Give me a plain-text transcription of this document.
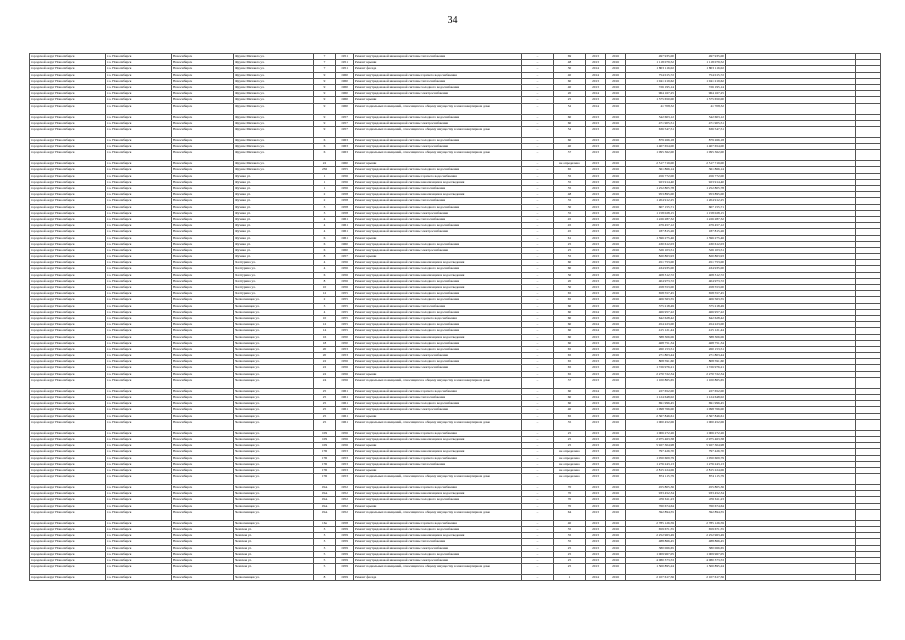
34
городской округ Новосибирск	г.о. Новосибирск	Новосибирск	Фрунзе Михаила ул.	7	1951	Ремонт внутридомовой инженерной системы теплоснабжения	–	69	2013	2016	497 935,00	497 935,00		
городской округ Новосибирск	г.о. Новосибирск	Новосибирск	Фрунзе Михаила ул.	7	1951	Ремонт крыши	–	48	2013	2016	1 118 079,52	1 118 079,52		
городской округ Новосибирск	г.о. Новосибирск	Новосибирск	Фрунзе Михаила ул.	7	1951	Ремонт фасада	–	30	2014	2016	1 803 116,02	1 803 116,02		
городской округ Новосибирск	г.о. Новосибирск	Новосибирск	Фрунзе Михаила ул.	9	1960	Ремонт внутридомовой инженерной системы горячего водоснабжения	–	40	2014	2016	754 015,72	754 015,72		
городской округ Новосибирск	г.о. Новосибирск	Новосибирск	Фрунзе Михаила ул.	9	1960	Ремонт внутридомовой инженерной системы теплоснабжения	–	60	2013	2016	1 041 219,62	1 041 219,62		
городской округ Новосибирск	г.о. Новосибирск	Новосибирск	Фрунзе Михаила ул.	9	1960	Ремонт внутридомовой инженерной системы холодного водоснабжения	–	40	2013	2016	726 195,14	726 195,14		
городской округ Новосибирск	г.о. Новосибирск	Новосибирск	Фрунзе Михаила ул.	9	1960	Ремонт внутридомовой инженерной системы электроснабжения	–	20	2014	2016	964 167,25	964 167,25		
городской округ Новосибирск	г.о. Новосибирск	Новосибирск	Фрунзе Михаила ул.	9	1960	Ремонт крыши	–	25	2013	2016	1 575 650,00	1 575 650,00		
городской округ Новосибирск	г.о. Новосибирск	Новосибирск	Фрунзе Михаила ул.	9	1960	Ремонт подвальных помещений, относящихся к общему имуществу в многоквартирном доме	–	52	2014	2016	41 708,32	41 708,32		
городской округ Новосибирск	г.о. Новосибирск	Новосибирск	Фрунзе Михаила ул.	9	1957	Ремонт внутридомовой инженерной системы холодного водоснабжения	–	60	2013	2016	542 603,12	542 603,12		
городской округ Новосибирск	г.о. Новосибирск	Новосибирск	Фрунзе Михаила ул.	9	1957	Ремонт внутридомовой инженерной системы электроснабжения	–	60	2013	2016	471 905,51	471 905,51		
городской округ Новосибирск	г.о. Новосибирск	Новосибирск	Фрунзе Михаила ул.	9	1957	Ремонт подвальных помещений, относящихся к общему имуществу в многоквартирном доме	–	52	2013	2016	636 547,51	636 547,51		
городской округ Новосибирск	г.о. Новосибирск	Новосибирск	Фрунзе Михаила ул.	6	1963	Ремонт внутридомовой инженерной системы холодного водоснабжения	–	60	2013	2016	879 266,18	879 266,18		
городской округ Новосибирск	г.о. Новосибирск	Новосибирск	Фрунзе Михаила ул.	6	1963	Ремонт внутридомовой инженерной системы электроснабжения	–	40	2013	2016	1 407 654,00	1 407 654,00		
городской округ Новосибирск	г.о. Новосибирск	Новосибирск	Фрунзе Михаила ул.	6	1963	Ремонт подвальных помещений, относящихся к общему имуществу в многоквартирном доме	–	37	2013	2016	1 095 362,00	1 095 362,00		
городской округ Новосибирск	г.о. Новосибирск	Новосибирск	Фрунзе Михаила ул.	22	1960	Ремонт крыши	–	не определено	2013	2016	2 517 719,00	2 517 719,00		
городской округ Новосибирск	г.о. Новосибирск	Новосибирск	Фрунзе Михаила ул.	236	1955	Ремонт внутридомовой инженерной системы холодного водоснабжения	–	65	2013	2016	361 866,14	361 866,14		
городской округ Новосибирск	г.о. Новосибирск	Новосибирск	Фучика ул.	1	1956	Ремонт внутридомовой инженерной системы горячего водоснабжения	–	35	2013	2016	456 772,00	456 772,00		
городской округ Новосибирск	г.о. Новосибирск	Новосибирск	Фучика ул.	1	1956	Ремонт внутридомовой инженерной системы канализации и водоотведения	–	35	2013	2016	923 914,40	923 914,40		
городской округ Новосибирск	г.о. Новосибирск	Новосибирск	Фучика ул.	1	1956	Ремонт внутридомовой инженерной системы теплоснабжения	–	35	2013	2016	1 252 805,78	1 252 805,78		
городской округ Новосибирск	г.о. Новосибирск	Новосибирск	Фучика ул.	2	1958	Ремонт внутридомовой инженерной системы канализации и водоотведения	–	48	2013	2016	953 895,00	953 895,00		
городской округ Новосибирск	г.о. Новосибирск	Новосибирск	Фучика ул.	2	1958	Ремонт внутридомовой инженерной системы теплоснабжения	–	35	2013	2016	1 204 912,25	1 204 912,25		
городской округ Новосибирск	г.о. Новосибирск	Новосибирск	Фучика ул.	3	1958	Ремонт внутридомовой инженерной системы холодного водоснабжения	–	30	2013	2016	607 155,71	607 155,71		
городской округ Новосибирск	г.о. Новосибирск	Новосибирск	Фучика ул.	3	1958	Ремонт внутридомовой инженерной системы электроснабжения	–	35	2013	2016	1 158 028,15	1 158 028,15		
городской округ Новосибирск	г.о. Новосибирск	Новосибирск	Фучика ул.	4	1961	Ремонт внутридомовой инженерной системы теплоснабжения	–	45	2013	2016	1 226 287,32	1 226 287,32		
городской округ Новосибирск	г.о. Новосибирск	Новосибирск	Фучика ул.	4	1961	Ремонт внутридомовой инженерной системы холодного водоснабжения	–	45	2013	2016	479 457,12	479 457,12		
городской округ Новосибирск	г.о. Новосибирск	Новосибирск	Фучика ул.	4	1961	Ремонт внутридомовой инженерной системы электроснабжения	–	45	2013	2016	187 815,26	187 815,26		
городской округ Новосибирск	г.о. Новосибирск	Новосибирск	Фучика ул.	6	1961	Ремонт крыши	–	61	2013	2016	1 396 275,46	1 396 275,46		
городской округ Новосибирск	г.о. Новосибирск	Новосибирск	Фучика ул.	6	1960	Ремонт внутридомовой инженерной системы холодного водоснабжения	–	25	2013	2016	430 612,03	430 612,03		
городской округ Новосибирск	г.о. Новосибирск	Новосибирск	Фучика ул.	6	1960	Ремонт внутридомовой инженерной системы электроснабжения	–	25	2013	2016	326 103,51	326 103,51		
городской округ Новосибирск	г.о. Новосибирск	Новосибирск	Фучика ул.	8	1957	Ремонт крыши	–	55	2013	2016	820 863,93	820 863,93		
городской округ Новосибирск	г.о. Новосибирск	Новосибирск	Халтурина ул.	4	1956	Ремонт внутридомовой инженерной системы канализации и водоотведения	–	60	2013	2016	451 753,00	451 753,00		
городской округ Новосибирск	г.о. Новосибирск	Новосибирск	Халтурина ул.	4	1956	Ремонт внутридомовой инженерной системы холодного водоснабжения	–	60	2013	2016	434 935,00	434 935,00		
городской округ Новосибирск	г.о. Новосибирск	Новосибирск	Халтурина ул.	6	1956	Ремонт внутридомовой инженерной системы канализации и водоотведения	–	50	2013	2016	408 312,72	408 312,72		
городской округ Новосибирск	г.о. Новосибирск	Новосибирск	Халтурина ул.	8	1956	Ремонт внутридомовой инженерной системы холодного водоснабжения	–	20	2013	2016	404 973,72	404 973,72		
городской округ Новосибирск	г.о. Новосибирск	Новосибирск	Халтурина ул.	10	1956	Ремонт внутридомовой инженерной системы канализации и водоотведения	–	50	2013	2016	458 553,00	458 553,00		
городской округ Новосибирск	г.о. Новосибирск	Новосибирск	Халтурина ул.	12	1955	Ремонт внутридомовой инженерной системы холодного водоснабжения	–	65	2013	2016	658 557,45	658 557,45		
городской округ Новосибирск	г.о. Новосибирск	Новосибирск	Челюскинцев ул.	2	1955	Ремонт внутридомовой инженерной системы холодного водоснабжения	–	65	2013	2016	406 563,55	406 563,55		
городской округ Новосибирск	г.о. Новосибирск	Новосибирск	Челюскинцев ул.	3	1955	Ремонт внутридомовой инженерной системы теплоснабжения	–	60	2013	2016	375 218,49	375 218,49		
городской округ Новосибирск	г.о. Новосибирск	Новосибирск	Челюскинцев ул.	4	1955	Ремонт внутридомовой инженерной системы холодного водоснабжения	–	60	2014	2016	466 957,22	466 957,22		
городской округ Новосибирск	г.о. Новосибирск	Новосибирск	Челюскинцев ул.	10	1955	Ремонт внутридомовой инженерной системы горячего водоснабжения	–	60	2013	2016	642 628,42	642 628,42		
городской округ Новосибирск	г.о. Новосибирск	Новосибирск	Челюскинцев ул.	12	1955	Ремонт внутридомовой инженерной системы холодного водоснабжения	–	60	2014	2016	454 223,00	454 223,00		
городской округ Новосибирск	г.о. Новосибирск	Новосибирск	Челюскинцев ул.	14	1955	Ремонт внутридомовой инженерной системы холодного водоснабжения	–	60	2014	2016	415 121,44	415 121,44		
городской округ Новосибирск	г.о. Новосибирск	Новосибирск	Челюскинцев ул.	16	1950	Ремонт внутридомовой инженерной системы канализации и водоотведения	–	60	2013	2016	588 306,06	588 306,06		
городской округ Новосибирск	г.о. Новосибирск	Новосибирск	Челюскинцев ул.	18	1950	Ремонт внутридомовой инженерной системы холодного водоснабжения	–	60	2013	2016	468 751,34	468 751,34		
городской округ Новосибирск	г.о. Новосибирск	Новосибирск	Челюскинцев ул.	20	1953	Ремонт внутридомовой инженерной системы холодного водоснабжения	–	65	2013	2016	260 153,51	260 153,51		
городской округ Новосибирск	г.о. Новосибирск	Новосибирск	Челюскинцев ул.	20	1953	Ремонт внутридомовой инженерной системы электроснабжения	–	65	2013	2016	271 803,44	271 803,44		
городской округ Новосибирск	г.о. Новосибирск	Новосибирск	Челюскинцев ул.	22	1956	Ремонт внутридомовой инженерной системы холодного водоснабжения	–	65	2013	2016	808 591,60	808 591,60		
городской округ Новосибирск	г.о. Новосибирск	Новосибирск	Челюскинцев ул.	22	1956	Ремонт внутридомовой инженерной системы электроснабжения	–	65	2013	2016	1 726 976,21	1 726 976,21		
городской округ Новосибирск	г.о. Новосибирск	Новосибирск	Челюскинцев ул.	22	1956	Ремонт крыши	–	65	2013	2016	2 270 722,34	2 270 722,34		
городской округ Новосибирск	г.о. Новосибирск	Новосибирск	Челюскинцев ул.	24	1956	Ремонт подвальных помещений, относящихся к общему имуществу в многоквартирном доме	–	37	2013	2016	1 100 865,65	1 100 865,65		
городской округ Новосибирск	г.о. Новосибирск	Новосибирск	Челюскинцев ул.	25	1961	Ремонт внутридомовой инженерной системы горячего водоснабжения	–	60	2014	2016	227 652,00	227 652,00		
городской округ Новосибирск	г.о. Новосибирск	Новосибирск	Челюскинцев ул.	25	1961	Ремонт внутридомовой инженерной системы теплоснабжения	–	60	2014	2016	1 124 648,02	1 124 648,02		
городской округ Новосибирск	г.о. Новосибирск	Новосибирск	Челюскинцев ул.	25	1961	Ремонт внутридомовой инженерной системы холодного водоснабжения	–	60	2013	2016	691 996,45	691 996,45		
городской округ Новосибирск	г.о. Новосибирск	Новосибирск	Челюскинцев ул.	25	1961	Ремонт внутридомовой инженерной системы электроснабжения	–	40	2013	2016	1 098 766,00	1 098 766,00		
городской округ Новосибирск	г.о. Новосибирск	Новосибирск	Челюскинцев ул.	25	1961	Ремонт крыши	–	65	2013	2016	2 367 846,61	2 367 846,61		
городской округ Новосибирск	г.о. Новосибирск	Новосибирск	Челюскинцев ул.	25	1961	Ремонт подвальных помещений, относящихся к общему имуществу в многоквартирном доме	–	35	2013	2016	1 000 452,06	1 000 452,06		
городской округ Новосибирск	г.о. Новосибирск	Новосибирск	Челюскинцев ул.	109	1956	Ремонт внутридомовой инженерной системы горячего водоснабжения	–	25	2013	2016	1 006 272,26	1 006 272,26		
городской округ Новосибирск	г.о. Новосибирск	Новосибирск	Челюскинцев ул.	109	1956	Ремонт внутридомовой инженерной системы канализации и водоотведения	–	25	2013	2016	2 975 463,58	2 975 463,58		
городской округ Новосибирск	г.о. Новосибирск	Новосибирск	Челюскинцев ул.	109	1956	Ремонт крыши	–	25	2013	2016	5 927 304,98	5 927 304,98		
городской округ Новосибирск	г.о. Новосибирск	Новосибирск	Челюскинцев ул.	17Б	1953	Ремонт внутридомовой инженерной системы канализации и водоотведения	–	не определено	2013	2016	797 426,70	797 426,70		
городской округ Новосибирск	г.о. Новосибирск	Новосибирск	Челюскинцев ул.	17Б	1953	Ремонт внутридомовой инженерной системы горячего водоснабжения	–	не определено	2013	2016	1 050 609,79	1 050 609,79		
городской округ Новосибирск	г.о. Новосибирск	Новосибирск	Челюскинцев ул.	17Б	1953	Ремонт внутридомовой инженерной системы теплоснабжения	–	не определено	2013	2016	1 276 243,13	1 276 243,13		
городской округ Новосибирск	г.о. Новосибирск	Новосибирск	Челюскинцев ул.	17Б	1953	Ремонт крыши	–	не определено	2013	2016	2 815 224,06	2 815 224,06		
городской округ Новосибирск	г.о. Новосибирск	Новосибирск	Челюскинцев ул.	17Б	1953	Ремонт подвальных помещений, относящихся к общему имуществу в многоквартирном доме	–	не определено	2013	2016	874 115,79	874 115,79		
городской округ Новосибирск	г.о. Новосибирск	Новосибирск	Челюскинцев ул.	19А	1952	Ремонт внутридомовой инженерной системы горячего водоснабжения	–	70	2013	2016	455 805,36	455 805,36		
городской округ Новосибирск	г.о. Новосибирск	Новосибирск	Челюскинцев ул.	19А	1952	Ремонт внутридомовой инженерной системы канализации и водоотведения	–	70	2013	2016	933 452,34	933 452,34		
городской округ Новосибирск	г.о. Новосибирск	Новосибирск	Челюскинцев ул.	19А	1952	Ремонт внутридомовой инженерной системы холодного водоснабжения	–	70	2013	2016	476 611,23	476 611,23		
городской округ Новосибирск	г.о. Новосибирск	Новосибирск	Челюскинцев ул.	19А	1952	Ремонт крыши	–	70	2013	2016	760 674,64	760 674,64		
городской округ Новосибирск	г.о. Новосибирск	Новосибирск	Челюскинцев ул.	19А	1952	Ремонт подвальных помещений, относящихся к общему имуществу в многоквартирном доме	–	64	2013	2016	392 894,55	392 894,55		
городской округ Новосибирск	г.о. Новосибирск	Новосибирск	Челюскинцев ул.	16а	1958	Ремонт внутридомовой инженерной системы горячего водоснабжения	–	40	2013	2016	2 785 126,59	2 785 126,59		
городской округ Новосибирск	г.о. Новосибирск	Новосибирск	Чемская ул.	3	1959	Ремонт внутридомовой инженерной системы холодного водоснабжения	–	35	2013	2016	659 671,55	659 671,55		
городской округ Новосибирск	г.о. Новосибирск	Новосибирск	Чемская ул.	3	1959	Ремонт внутридомовой инженерной системы канализации и водоотведения	–	35	2013	2016	2 252 963,49	2 252 963,49		
городской округ Новосибирск	г.о. Новосибирск	Новосибирск	Чемская ул.	3	1959	Ремонт внутридомовой инженерной системы теплоснабжения	–	35	2013	2016	488 866,45	488 866,45		
городской округ Новосибирск	г.о. Новосибирск	Новосибирск	Чемская ул.	3	1959	Ремонт внутридомовой инженерной системы электроснабжения	–	25	2013	2016	380 066,65	380 066,65		
городской округ Новосибирск	г.о. Новосибирск	Новосибирск	Чемская ул.	5	1959	Ремонт внутридомовой инженерной системы холодного водоснабжения	–	25	2013	2016	1 009 967,05	1 009 967,05		
городской округ Новосибирск	г.о. Новосибирск	Новосибирск	Чемская ул.	5	1959	Ремонт внутридомовой инженерной системы электроснабжения	–	25	2013	2016	4 080 373,53	4 080 373,53		
городской округ Новосибирск	г.о. Новосибирск	Новосибирск	Чемская ул.	5	1959	Ремонт подвальных помещений, относящихся к общему имуществу в многоквартирном доме	–	25	2013	2016	1 500 895,24	1 500 895,24		
городской округ Новосибирск	г.о. Новосибирск	Новосибирск	Челюскинцев ул.	8	1959	Ремонт фасада	–	1	2014	2016	2 107 617,56	2 107 617,56		
